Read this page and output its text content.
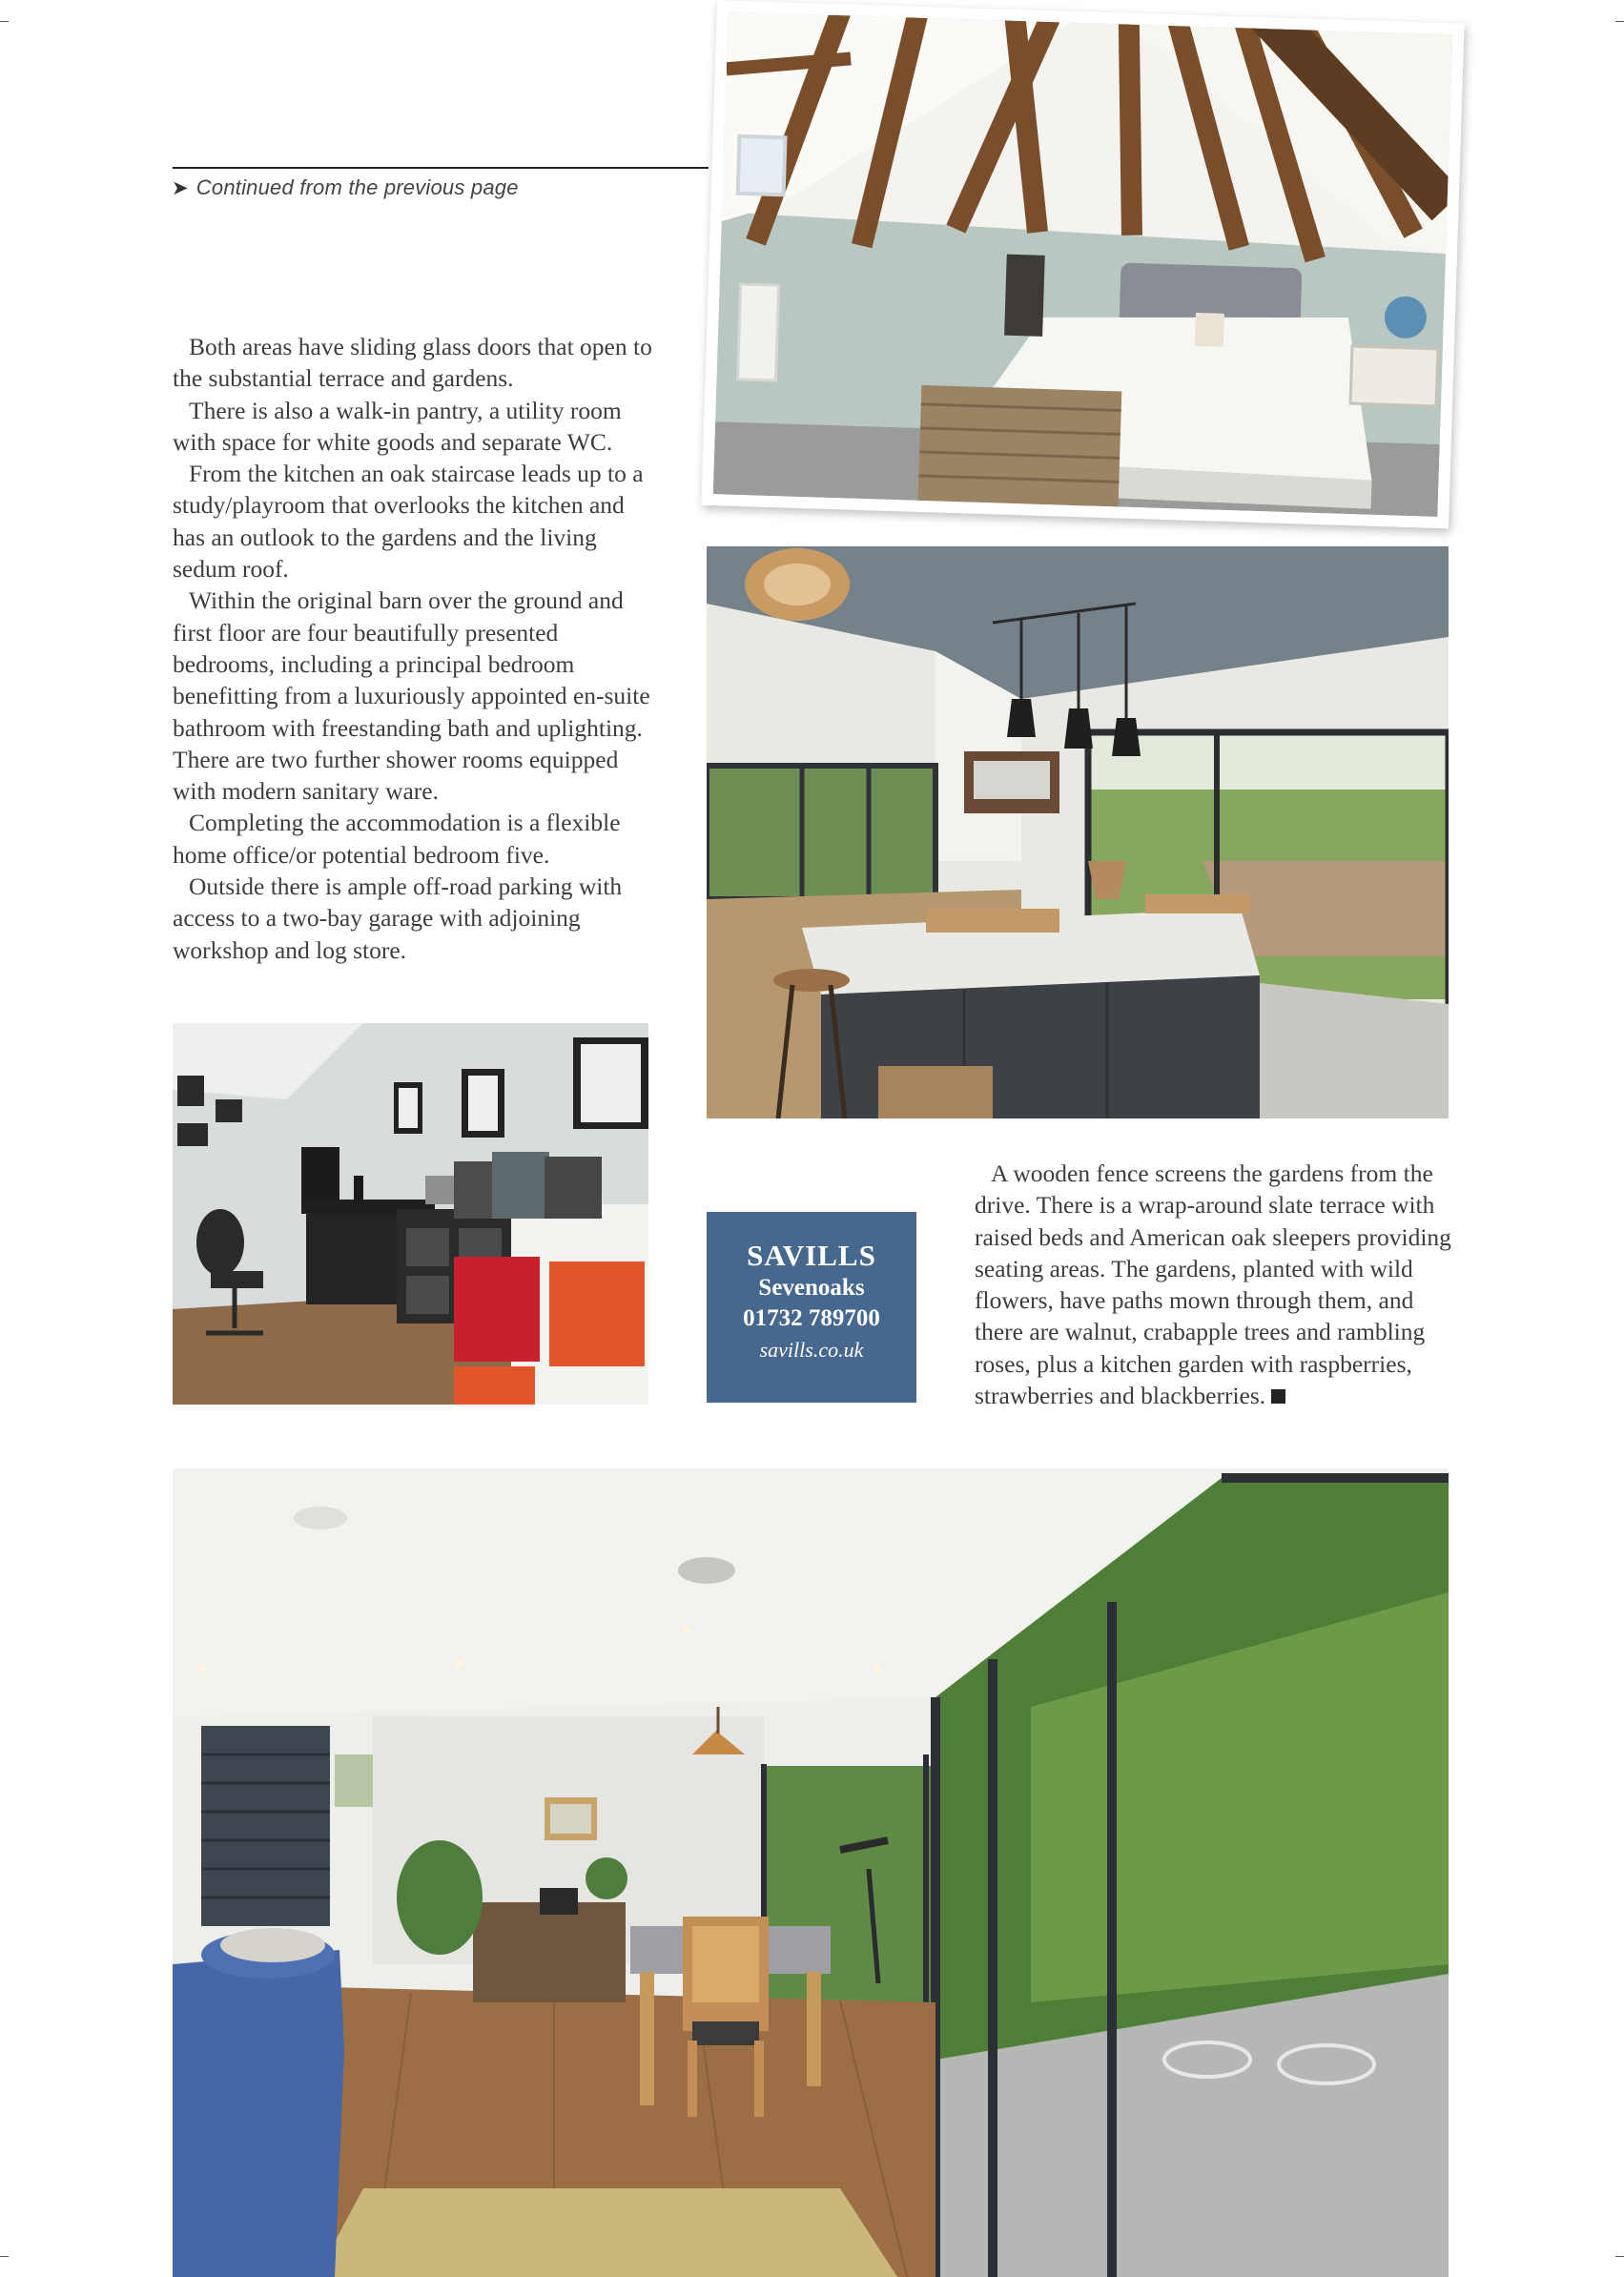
➤ Continued from the previous page

Both areas have sliding glass doors that open to the substantial terrace and gardens.

There is also a walk-in pantry, a utility room with space for white goods and separate WC.

From the kitchen an oak staircase leads up to a study/playroom that overlooks the kitchen and has an outlook to the gardens and the living sedum roof.

Within the original barn over the ground and first floor are four beautifully presented bedrooms, including a principal bedroom benefitting from a luxuriously appointed en-suite bathroom with freestanding bath and uplighting. There are two further shower rooms equipped with modern sanitary ware.

Completing the accommodation is a flexible home office/or potential bedroom five.

Outside there is ample off-road parking with access to a two-bay garage with adjoining workshop and log store.

SAVILLS
Sevenoaks
01732 789700
savills.co.uk

A wooden fence screens the gardens from the drive. There is a wrap-around slate terrace with raised beds and American oak sleepers providing seating areas. The gardens, planted with wild flowers, have paths mown through them, and there are walnut, crabapple trees and rambling roses, plus a kitchen garden with raspberries, strawberries and blackberries.
